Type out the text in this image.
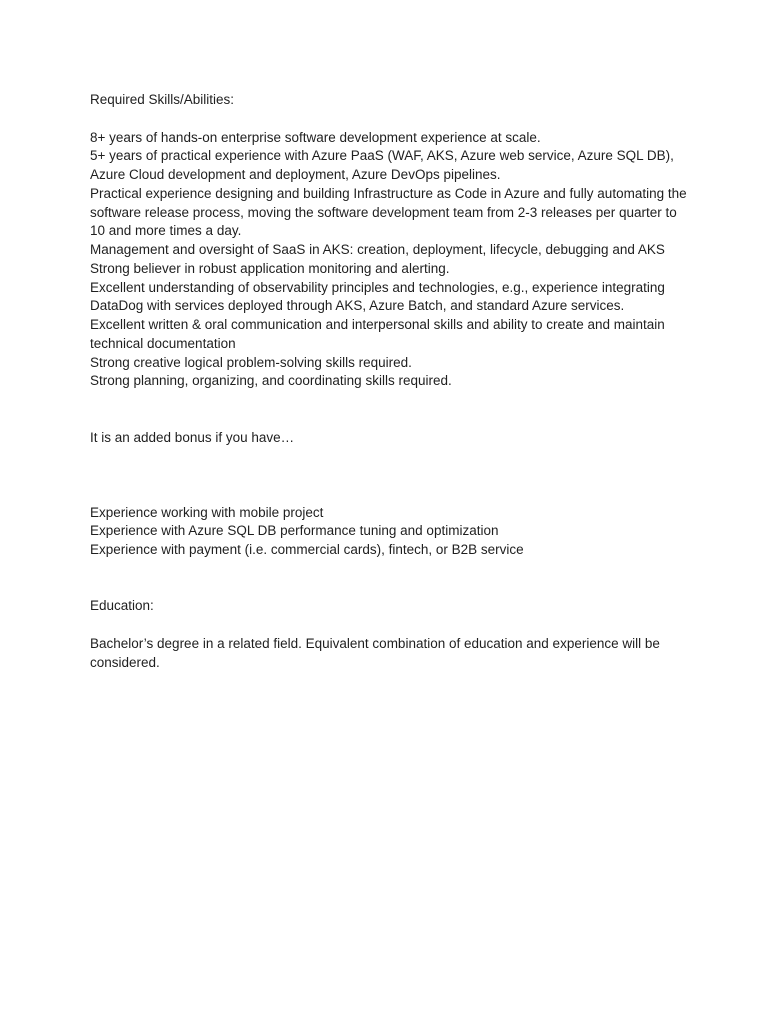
Required Skills/Abilities:

8+ years of hands-on enterprise software development experience at scale.

5+ years of practical experience with Azure PaaS (WAF, AKS, Azure web service, Azure SQL DB), Azure Cloud development and deployment, Azure DevOps pipelines.

Practical experience designing and building Infrastructure as Code in Azure and fully automating the software release process, moving the software development team from 2-3 releases per quarter to 10 and more times a day.

Management and oversight of SaaS in AKS: creation, deployment, lifecycle, debugging and AKS

Strong believer in robust application monitoring and alerting.

Excellent understanding of observability principles and technologies, e.g., experience integrating DataDog with services deployed through AKS, Azure Batch, and standard Azure services.

Excellent written & oral communication and interpersonal skills and ability to create and maintain technical documentation

Strong creative logical problem-solving skills required.

Strong planning, organizing, and coordinating skills required.

It is an added bonus if you have…

Experience working with mobile project

Experience with Azure SQL DB performance tuning and optimization

Experience with payment (i.e. commercial cards), fintech, or B2B service

Education:

Bachelor’s degree in a related field. Equivalent combination of education and experience will be considered.
